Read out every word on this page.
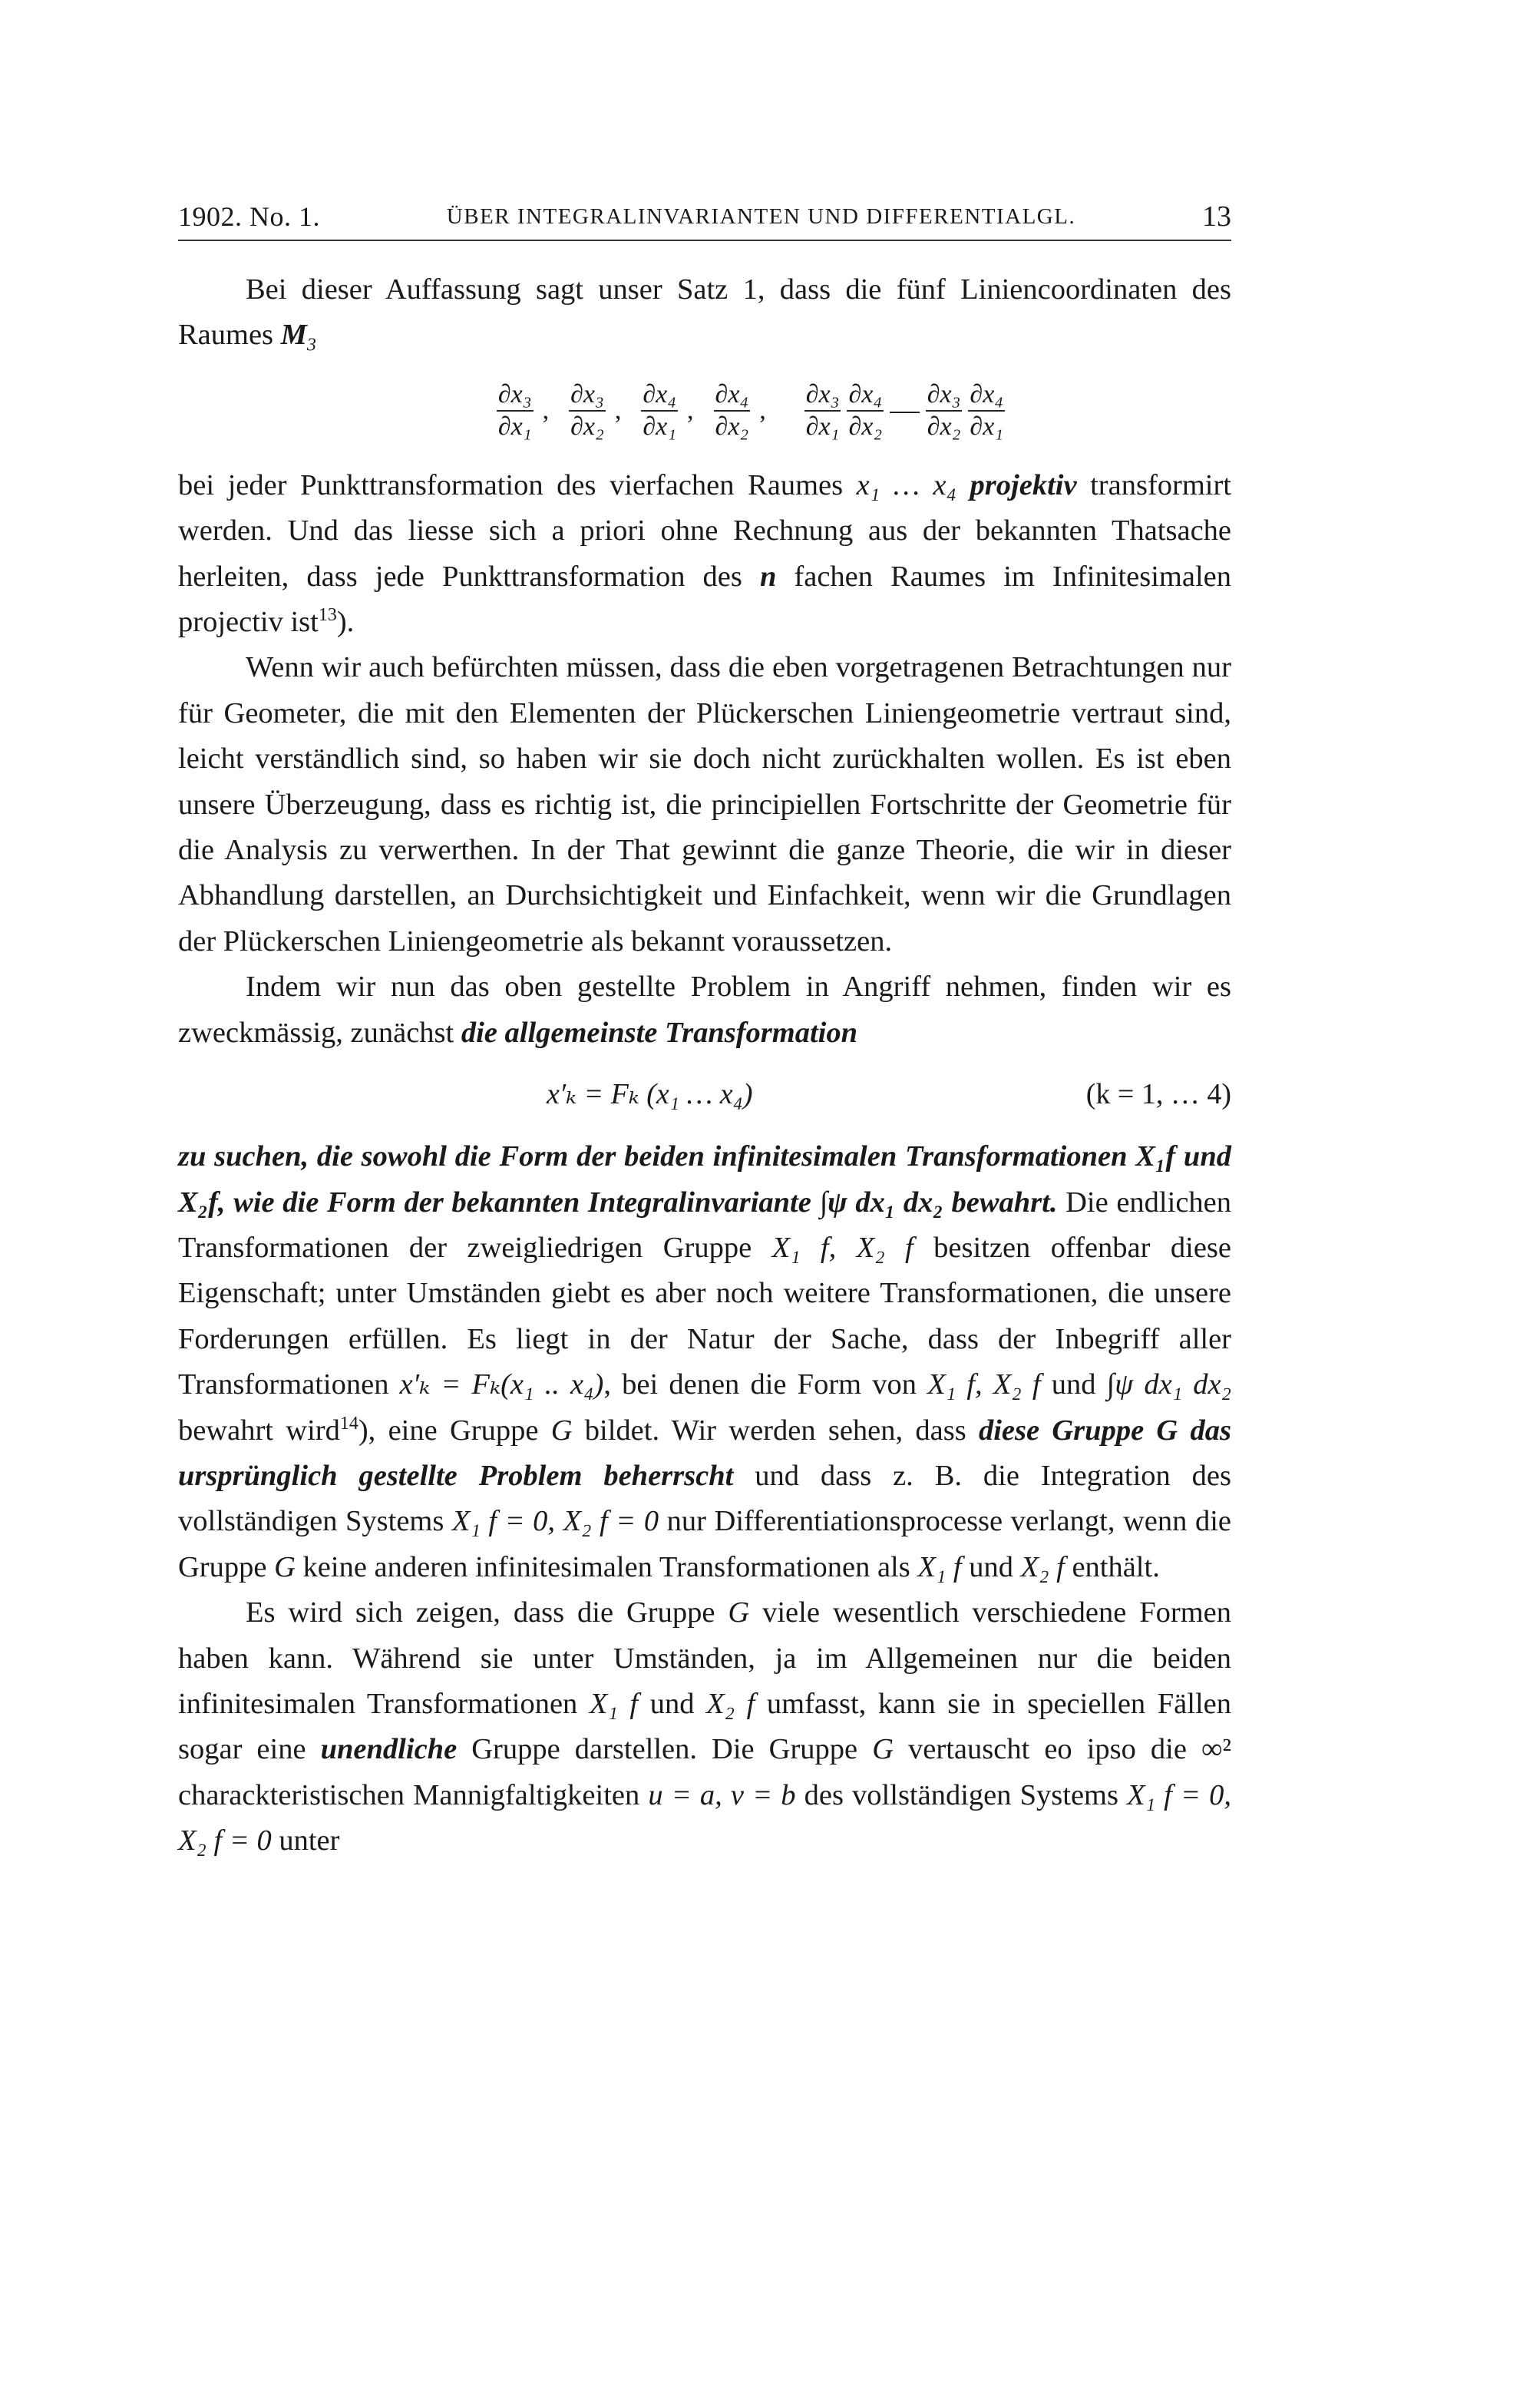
1902. No. 1.	ÜBER INTEGRALINVARIANTEN UND DIFFERENTIALGL.	13

Bei dieser Auffassung sagt unser Satz 1, dass die fünf Liniencoordinaten des Raumes $M_3$

$\frac{\text{∂x₃}}{\text{∂x₁}}$ , $\frac{\text{∂x₃}}{\text{∂x₂}}$ , $\frac{\text{∂x₄}}{\text{∂x₁}}$ , $\frac{\text{∂x₄}}{\text{∂x₂}}$ , $\frac{\text{∂x₃}}{\text{∂x₁}} \frac{\text{∂x₄}}{\text{∂x₂}}$ — $\frac{\text{∂x₃}}{\text{∂x₂}} \frac{\text{∂x₄}}{\text{∂x₁}}$

bei jeder Punkttransformation des vierfachen Raumes x₁ … x₄ projektiv transformirt werden. Und das liesse sich a priori ohne Rechnung aus der bekannten Thatsache herleiten, dass jede Punkttransformation des n fachen Raumes im Infinitesimalen projectiv ist$^{13}$).

Wenn wir auch befürchten müssen, dass die eben vorgetragenen Betrachtungen nur für Geometer, die mit den Elementen der Plückerschen Liniengeometrie vertraut sind, leicht verständlich sind, so haben wir sie doch nicht zurückhalten wollen. Es ist eben unsere Überzeugung, dass es richtig ist, die principiellen Fortschritte der Geometrie für die Analysis zu verwerthen. In der That gewinnt die ganze Theorie, die wir in dieser Abhandlung darstellen, an Durchsichtigkeit und Einfachkeit, wenn wir die Grundlagen der Plückerschen Liniengeometrie als bekannt voraussetzen.

Indem wir nun das oben gestellte Problem in Angriff nehmen, finden wir es zweckmässig, zunächst die allgemeinste Transformation

x′ₖ = Fₖ (x₁ … x₄)	(k = 1, … 4)

zu suchen, die sowohl die Form der beiden infinitesimalen Transformationen X₁f und X₂f, wie die Form der bekannten Integralinvariante ∫ψ dx₁ dx₂ bewahrt. Die endlichen Transformationen der zweigliedrigen Gruppe X₁ f, X₂ f besitzen offenbar diese Eigenschaft; unter Umständen giebt es aber noch weitere Transformationen, die unsere Forderungen erfüllen. Es liegt in der Natur der Sache, dass der Inbegriff aller Transformationen x′ₖ = Fₖ(x₁ .. x₄), bei denen die Form von X₁ f, X₂ f und ∫ψ dx₁ dx₂ bewahrt wird$^{14}$), eine Gruppe G bildet. Wir werden sehen, dass diese Gruppe G das ursprünglich gestellte Problem beherrscht und dass z. B. die Integration des vollständigen Systems X₁ f = 0, X₂ f = 0 nur Differentiationsprocesse verlangt, wenn die Gruppe G keine anderen infinitesimalen Transformationen als X₁ f und X₂ f enthält.

Es wird sich zeigen, dass die Gruppe G viele wesentlich verschiedene Formen haben kann. Während sie unter Umständen, ja im Allgemeinen nur die beiden infinitesimalen Transformationen X₁ f und X₂ f umfasst, kann sie in speciellen Fällen sogar eine unendliche Gruppe darstellen. Die Gruppe G vertauscht eo ipso die ∞² charackteristischen Mannigfaltigkeiten u = a, v = b des vollständigen Systems X₁ f = 0, X₂ f = 0 unter
